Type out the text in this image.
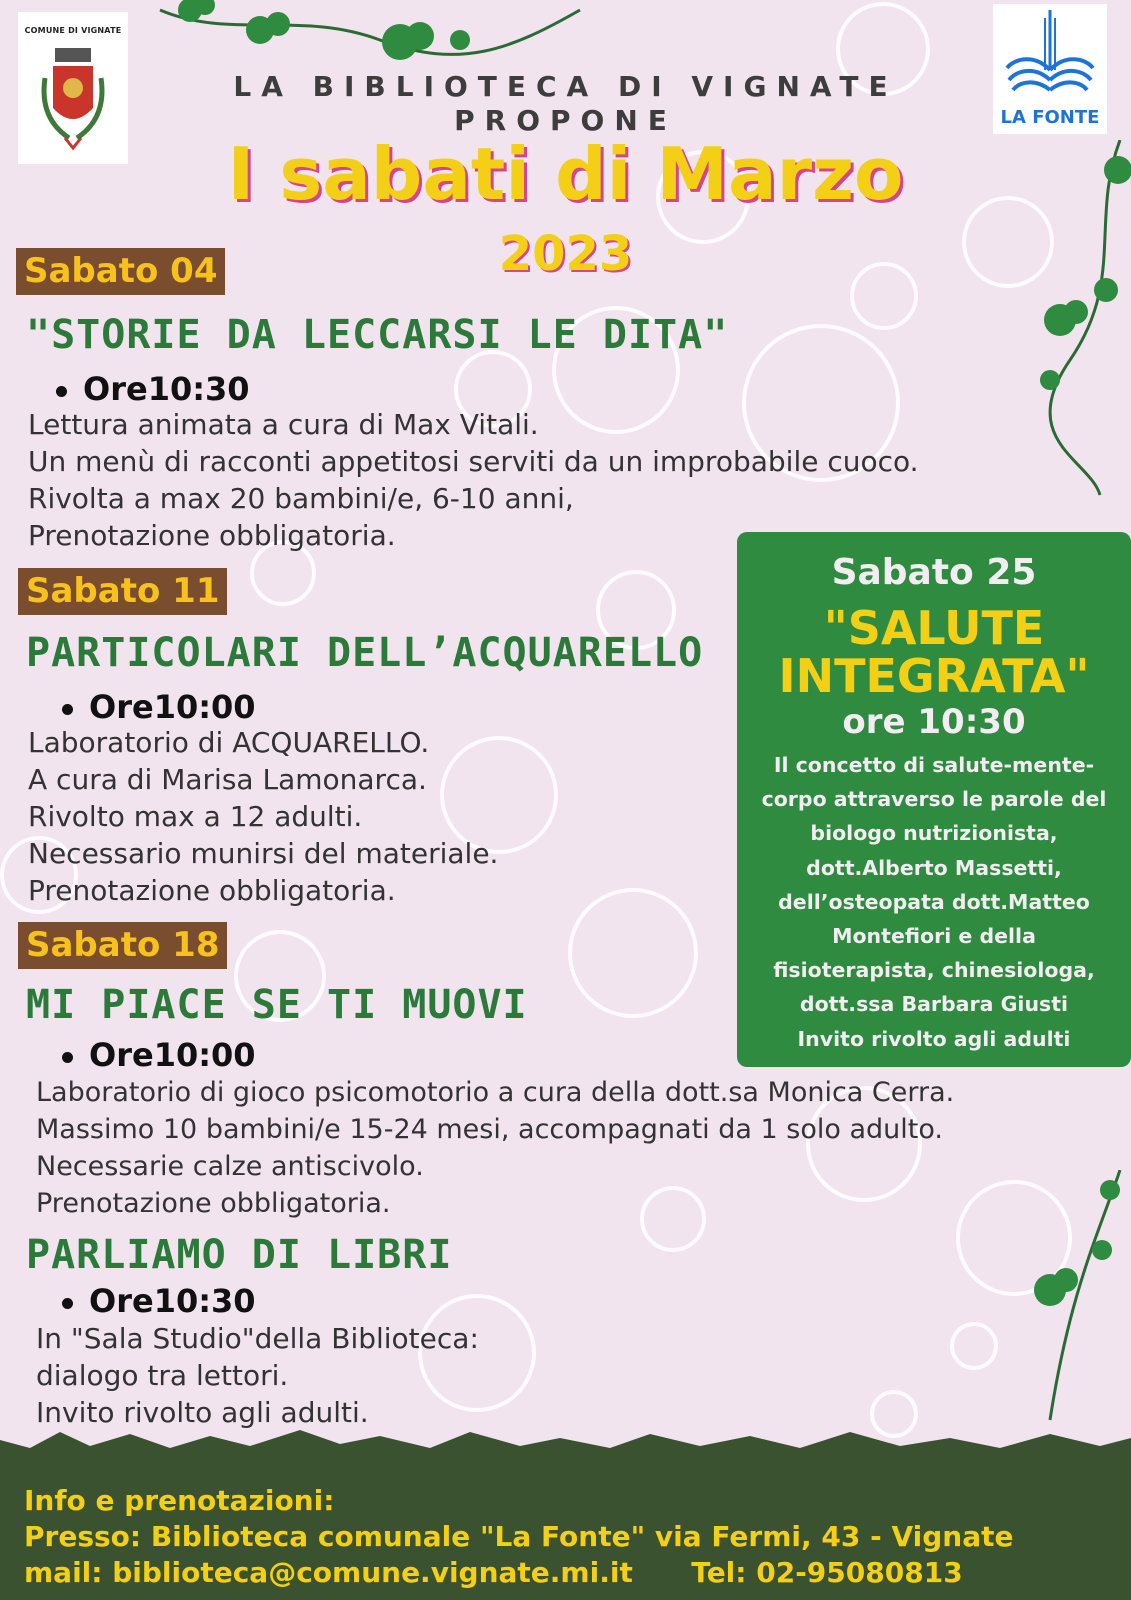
COMUNE DI VIGNATE
LA FONTE
LA BIBLIOTECA DI VIGNATE
PROPONE
I sabati di Marzo
2023
Sabato 04
"STORIE DA LECCARSI LE DITA"
Ore10:30
Lettura animata a cura di Max Vitali.
Un menù di racconti appetitosi serviti da un improbabile cuoco.
Rivolta a max 20 bambini/e, 6-10 anni,
Prenotazione obbligatoria.
Sabato 11
PARTICOLARI DELL’ACQUARELLO
Ore10:00
Laboratorio di ACQUARELLO.
A cura di Marisa Lamonarca.
Rivolto max a 12 adulti.
Necessario munirsi del materiale.
Prenotazione obbligatoria.
Sabato 18
MI PIACE SE TI MUOVI
Ore10:00
Laboratorio di gioco psicomotorio a cura della dott.sa Monica Cerra.
Massimo 10 bambini/e 15-24 mesi, accompagnati da 1 solo adulto.
Necessarie calze antiscivolo.
Prenotazione obbligatoria.
PARLIAMO DI LIBRI
Ore10:30
In "Sala Studio"della Biblioteca:
dialogo tra lettori.
Invito rivolto agli adulti.
Sabato 25
"SALUTE
INTEGRATA"
ore 10:30
Il concetto di salute-mente-
corpo attraverso le parole del
biologo nutrizionista,
dott.Alberto Massetti,
dell’osteopata dott.Matteo
Montefiori e della
fisioterapista, chinesiologa,
dott.ssa Barbara Giusti
Invito rivolto agli adulti
Info e prenotazioni:
Presso: Biblioteca comunale "La Fonte" via Fermi, 43 - Vignate
mail: biblioteca@comune.vignate.mi.it      Tel: 02-95080813
